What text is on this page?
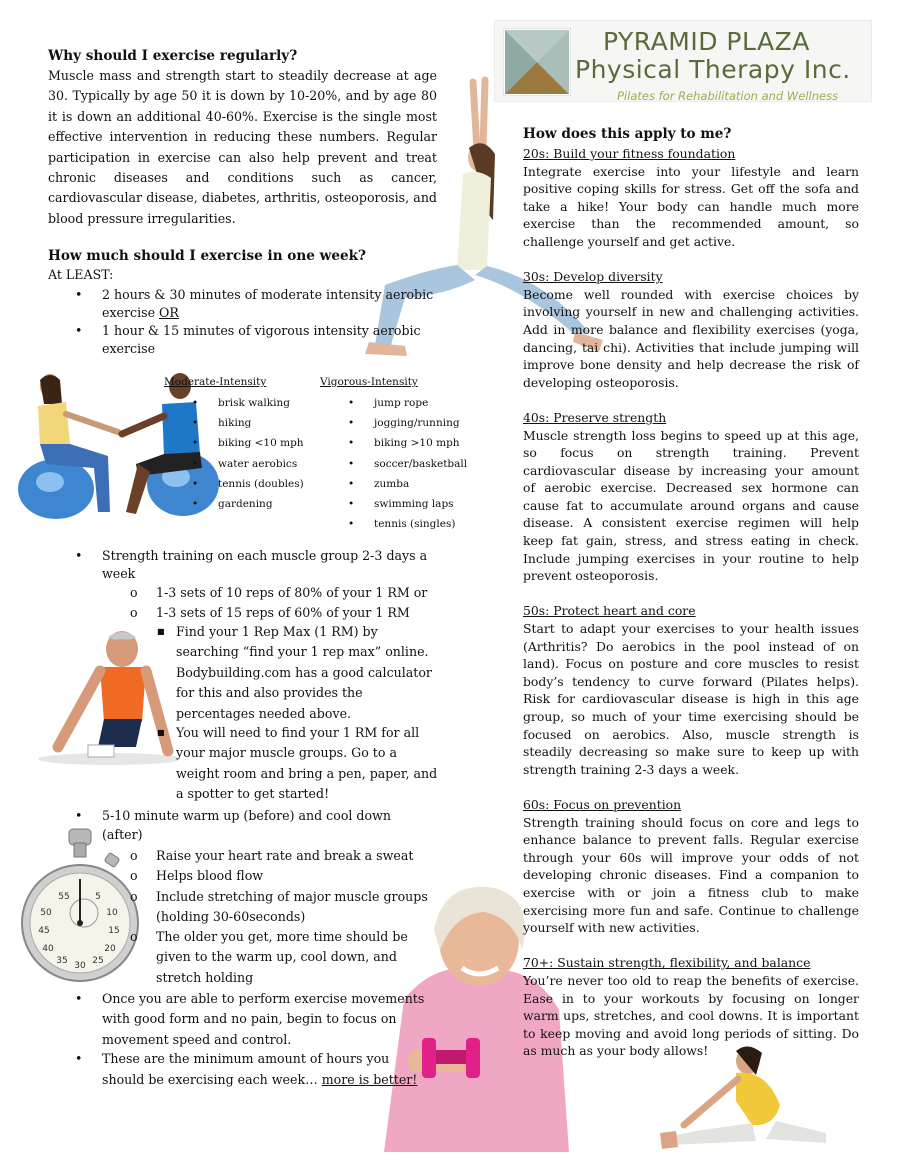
PYRAMID PLAZA
Physical Therapy Inc.
Pilates for Rehabilitation and Wellness
55	5
50	10
45	15
40	20
35 30 25
Why should I exercise regularly?
Muscle mass and strength start to steadily decrease at age
30. Typically by age 50 it is down by 10-20%, and by age 80
it is down an additional 40-60%. Exercise is the single most
effective intervention in reducing these numbers. Regular
participation in exercise can also help prevent and treat
chronic diseases and conditions such as cancer,
cardiovascular disease, diabetes, arthritis, osteoporosis, and
blood pressure irregularities.
How much should I exercise in one week?
At LEAST:
• 2 hours & 30 minutes of moderate intensity aerobic
exercise OR
• 1 hour & 15 minutes of vigorous intensity aerobic
exercise
Moderate-Intensity	Vigorous-Intensity
• brisk walking
• hiking
• biking <10 mph
• water aerobics
• tennis (doubles)
• gardening
• jump rope
• jogging/running
• biking >10 mph
• soccer/basketball
• zumba
• swimming laps
• tennis (singles)
• Strength training on each muscle group 2-3 days a
week
o 1-3 sets of 10 reps of 80% of your 1 RM or
o 1-3 sets of 15 reps of 60% of your 1 RM
■ Find your 1 Rep Max (1 RM) by
searching “find your 1 rep max” online.
Bodybuilding.com has a good calculator
for this and also provides the
percentages needed above.
■ You will need to find your 1 RM for all
your major muscle groups. Go to a
weight room and bring a pen, paper, and
a spotter to get started!
• 5-10 minute warm up (before) and cool down
(after)
o Raise your heart rate and break a sweat
o Helps blood flow
o Include stretching of major muscle groups
(holding 30-60seconds)
o The older you get, more time should be
given to the warm up, cool down, and
stretch holding
• Once you are able to perform exercise movements
with good form and no pain, begin to focus on
movement speed and control.
• These are the minimum amount of hours you
should be exercising each week… more is better!
How does this apply to me?
20s: Build your fitness foundation
Integrate exercise into your lifestyle and learn
positive coping skills for stress. Get off the sofa and
take a hike! Your body can handle much more
exercise than the recommended amount, so
challenge yourself and get active.
30s: Develop diversity
Become well rounded with exercise choices by
involving yourself in new and challenging activities.
Add in more balance and flexibility exercises (yoga,
dancing, tai chi). Activities that include jumping will
improve bone density and help decrease the risk of
developing osteoporosis.
40s: Preserve strength
Muscle strength loss begins to speed up at this age,
so focus on strength training. Prevent
cardiovascular disease by increasing your amount
of aerobic exercise. Decreased sex hormone can
cause fat to accumulate around organs and cause
disease. A consistent exercise regimen will help
keep fat gain, stress, and stress eating in check.
Include jumping exercises in your routine to help
prevent osteoporosis.
50s: Protect heart and core
Start to adapt your exercises to your health issues
(Arthritis? Do aerobics in the pool instead of on
land). Focus on posture and core muscles to resist
body’s tendency to curve forward (Pilates helps).
Risk for cardiovascular disease is high in this age
group, so much of your time exercising should be
focused on aerobics. Also, muscle strength is
steadily decreasing so make sure to keep up with
strength training 2-3 days a week.
60s: Focus on prevention
Strength training should focus on core and legs to
enhance balance to prevent falls. Regular exercise
through your 60s will improve your odds of not
developing chronic diseases. Find a companion to
exercise with or join a fitness club to make
exercising more fun and safe. Continue to challenge
yourself with new activities.
70+: Sustain strength, flexibility, and balance
You’re never too old to reap the benefits of exercise.
Ease in to your workouts by focusing on longer
warm ups, stretches, and cool downs. It is important
to keep moving and avoid long periods of sitting. Do
as much as your body allows!
